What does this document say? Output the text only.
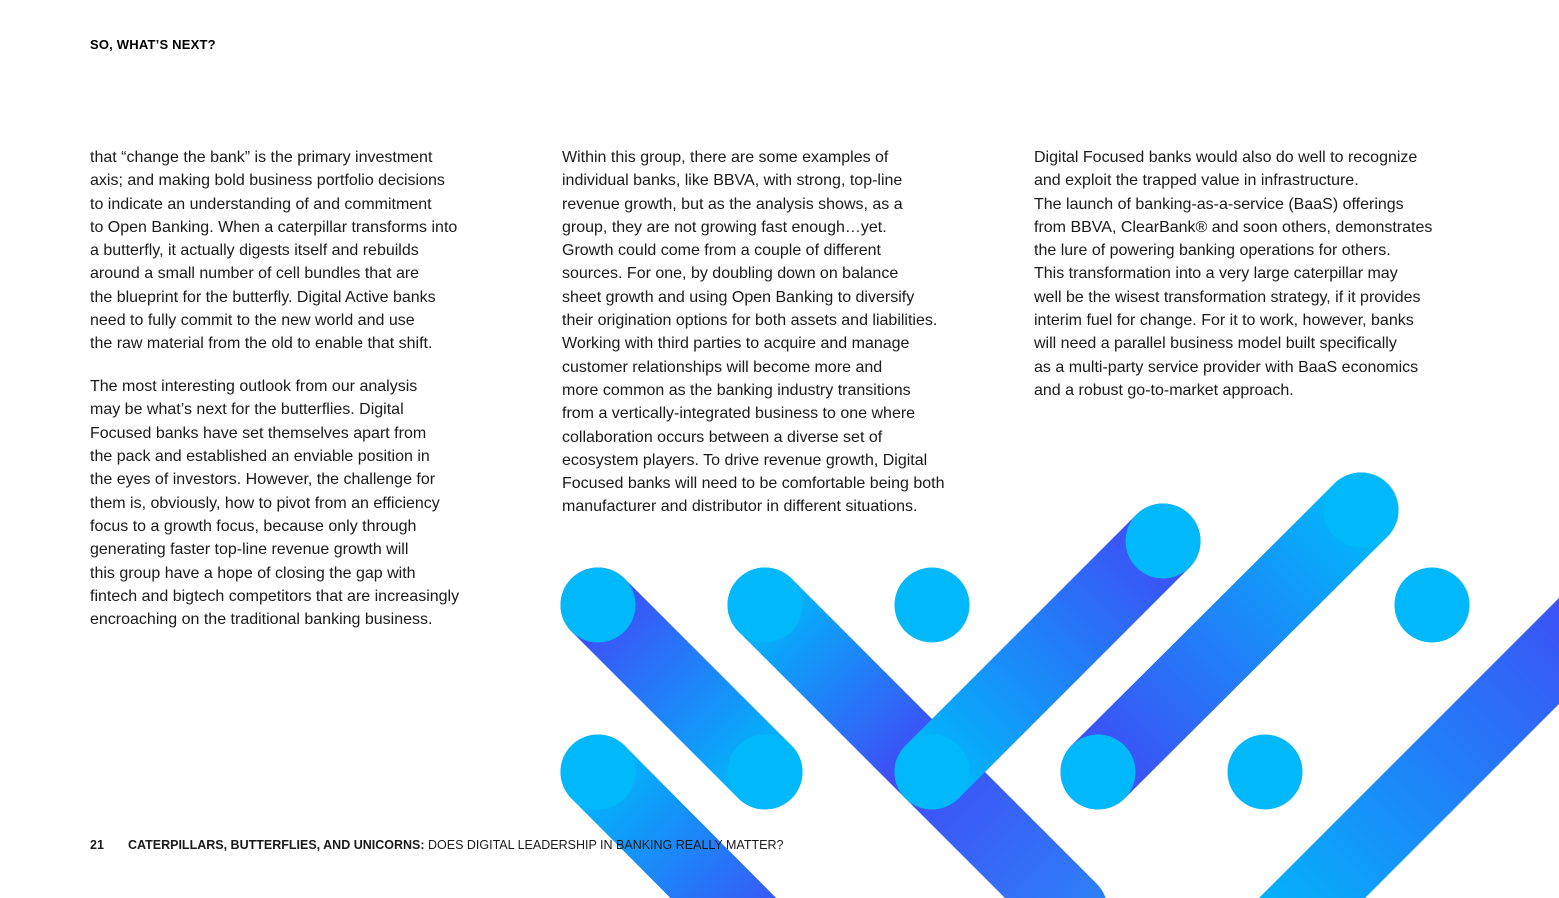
SO, WHAT’S NEXT?

that “change the bank” is the primary investment
axis; and making bold business portfolio decisions
to indicate an understanding of and commitment
to Open Banking. When a caterpillar transforms into
a butterfly, it actually digests itself and rebuilds
around a small number of cell bundles that are
the blueprint for the butterfly. Digital Active banks
need to fully commit to the new world and use
the raw material from the old to enable that shift.

The most interesting outlook from our analysis
may be what’s next for the butterflies. Digital
Focused banks have set themselves apart from
the pack and established an enviable position in
the eyes of investors. However, the challenge for
them is, obviously, how to pivot from an efficiency
focus to a growth focus, because only through
generating faster top-line revenue growth will
this group have a hope of closing the gap with
fintech and bigtech competitors that are increasingly
encroaching on the traditional banking business.

Within this group, there are some examples of
individual banks, like BBVA, with strong, top-line
revenue growth, but as the analysis shows, as a
group, they are not growing fast enough…yet.
Growth could come from a couple of different
sources. For one, by doubling down on balance
sheet growth and using Open Banking to diversify
their origination options for both assets and liabilities.
Working with third parties to acquire and manage
customer relationships will become more and
more common as the banking industry transitions
from a vertically-integrated business to one where
collaboration occurs between a diverse set of
ecosystem players. To drive revenue growth, Digital
Focused banks will need to be comfortable being both
manufacturer and distributor in different situations.

Digital Focused banks would also do well to recognize
and exploit the trapped value in infrastructure.
The launch of banking-as-a-service (BaaS) offerings
from BBVA, ClearBank® and soon others, demonstrates
the lure of powering banking operations for others.
This transformation into a very large caterpillar may
well be the wisest transformation strategy, if it provides
interim fuel for change. For it to work, however, banks
will need a parallel business model built specifically
as a multi-party service provider with BaaS economics
and a robust go-to-market approach.

21 CATERPILLARS, BUTTERFLIES, AND UNICORNS: DOES DIGITAL LEADERSHIP IN BANKING REALLY MATTER?
